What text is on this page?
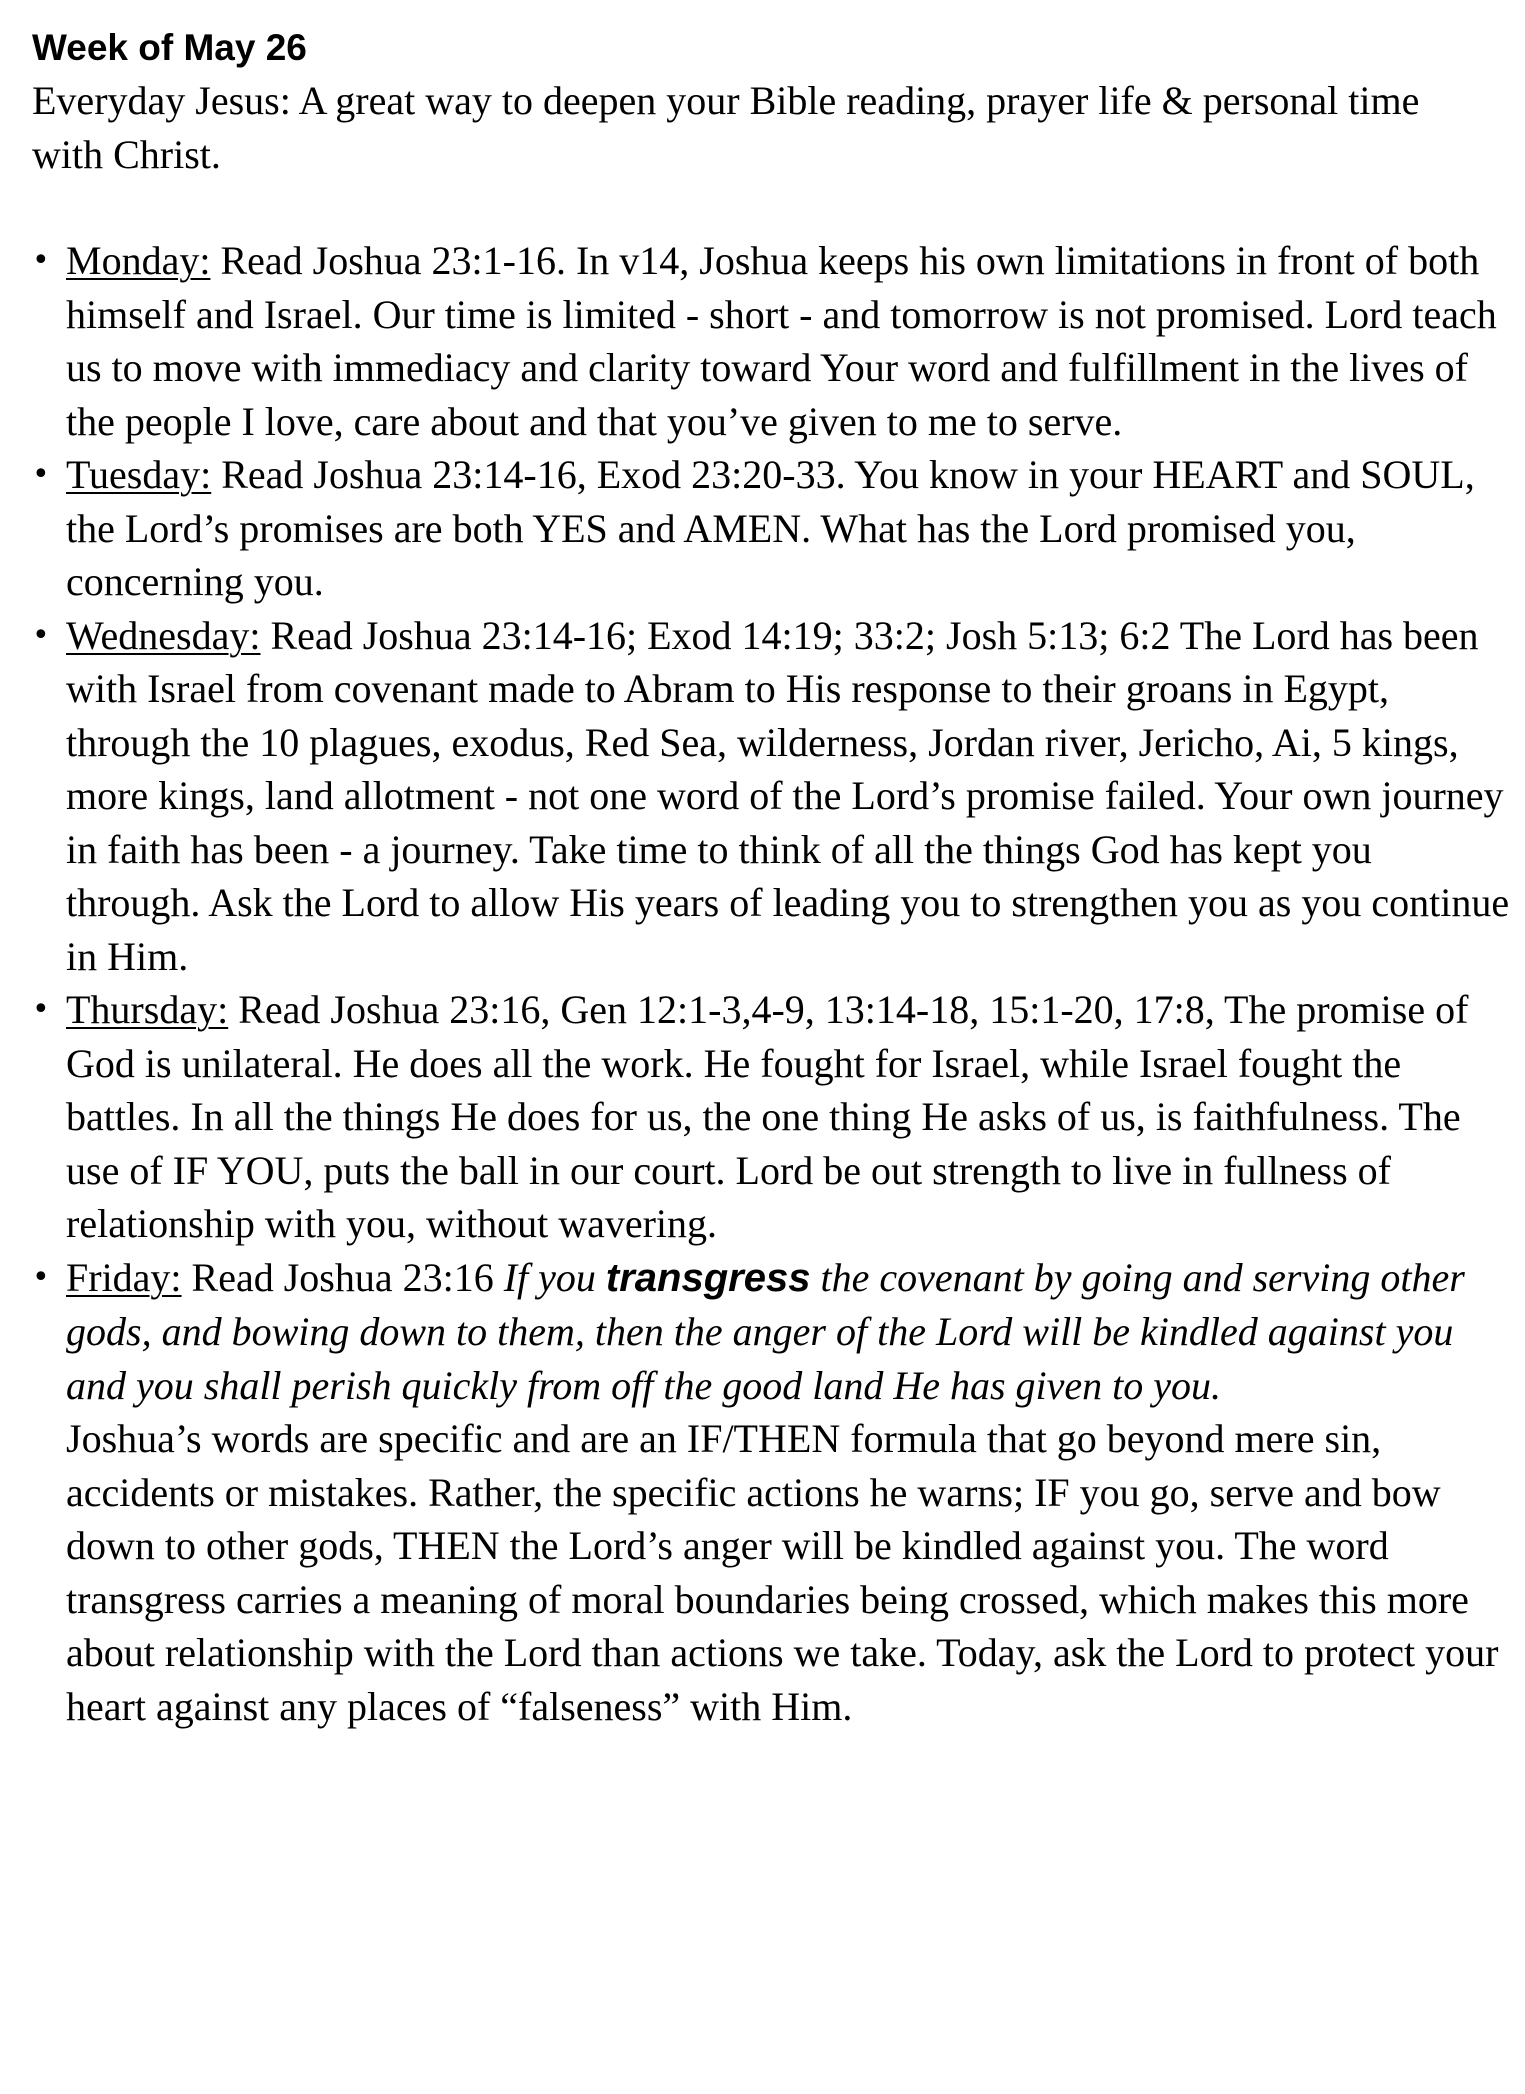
Week of May 26

Everyday Jesus: A great way to deepen your Bible reading, prayer life & personal time with Christ.

• Monday: Read Joshua 23:1-16. In v14, Joshua keeps his own limitations in front of both himself and Israel. Our time is limited - short - and tomorrow is not promised. Lord teach us to move with immediacy and clarity toward Your word and fulfillment in the lives of the people I love, care about and that you’ve given to me to serve.
• Tuesday: Read Joshua 23:14-16, Exod 23:20-33. You know in your HEART and SOUL, the Lord’s promises are both YES and AMEN. What has the Lord promised you, concerning you.
• Wednesday: Read Joshua 23:14-16; Exod 14:19; 33:2; Josh 5:13; 6:2 The Lord has been with Israel from covenant made to Abram to His response to their groans in Egypt, through the 10 plagues, exodus, Red Sea, wilderness, Jordan river, Jericho, Ai, 5 kings, more kings, land allotment - not one word of the Lord’s promise failed. Your own journey in faith has been - a journey. Take time to think of all the things God has kept you through. Ask the Lord to allow His years of leading you to strengthen you as you continue in Him.
• Thursday: Read Joshua 23:16, Gen 12:1-3,4-9, 13:14-18, 15:1-20, 17:8, The promise of God is unilateral. He does all the work. He fought for Israel, while Israel fought the battles. In all the things He does for us, the one thing He asks of us, is faithfulness. The use of IF YOU, puts the ball in our court. Lord be out strength to live in fullness of relationship with you, without wavering.
• Friday: Read Joshua 23:16 If you transgress the covenant by going and serving other gods, and bowing down to them, then the anger of the Lord will be kindled against you and you shall perish quickly from off the good land He has given to you.

Joshua’s words are specific and are an IF/THEN formula that go beyond mere sin, accidents or mistakes. Rather, the specific actions he warns; IF you go, serve and bow down to other gods, THEN the Lord’s anger will be kindled against you. The word transgress carries a meaning of moral boundaries being crossed, which makes this more about relationship with the Lord than actions we take. Today, ask the Lord to protect your heart against any places of “falseness” with Him.
